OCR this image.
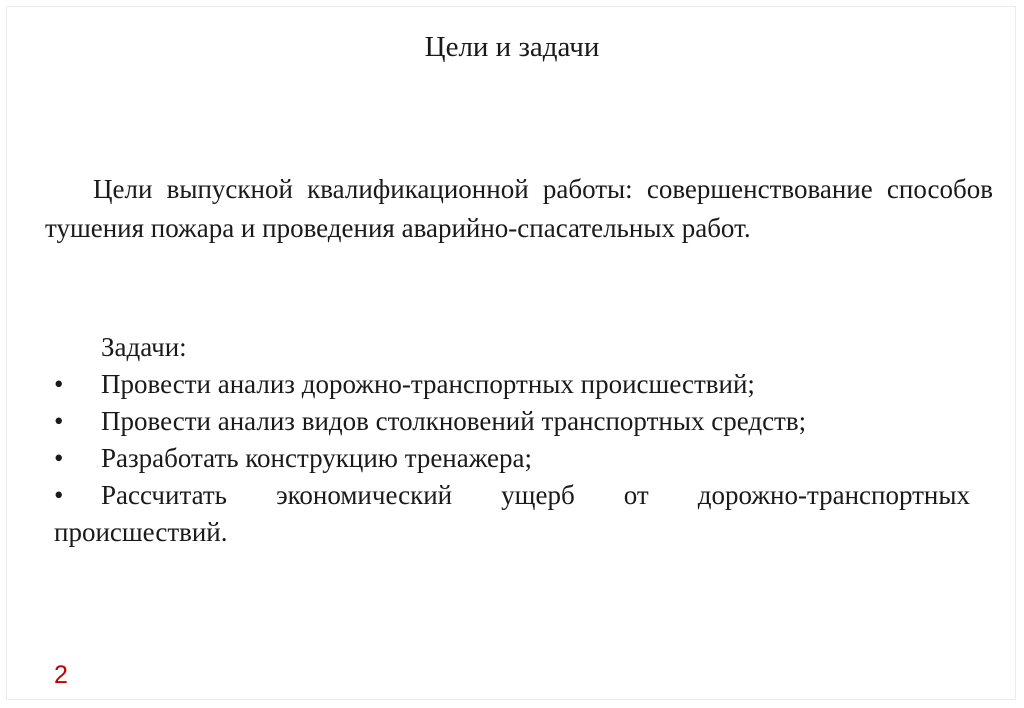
Цели и задачи

Цели выпускной квалификационной работы: совершенствование способов тушения пожара и проведения аварийно-спасательных работ.

Задачи:
•	Провести анализ дорожно-транспортных происшествий;
•	Провести анализ видов столкновений транспортных средств;
•	Разработать конструкцию тренажера;
• Рассчитать экономический ущерб от дорожно-транспортных происшествий.
2
